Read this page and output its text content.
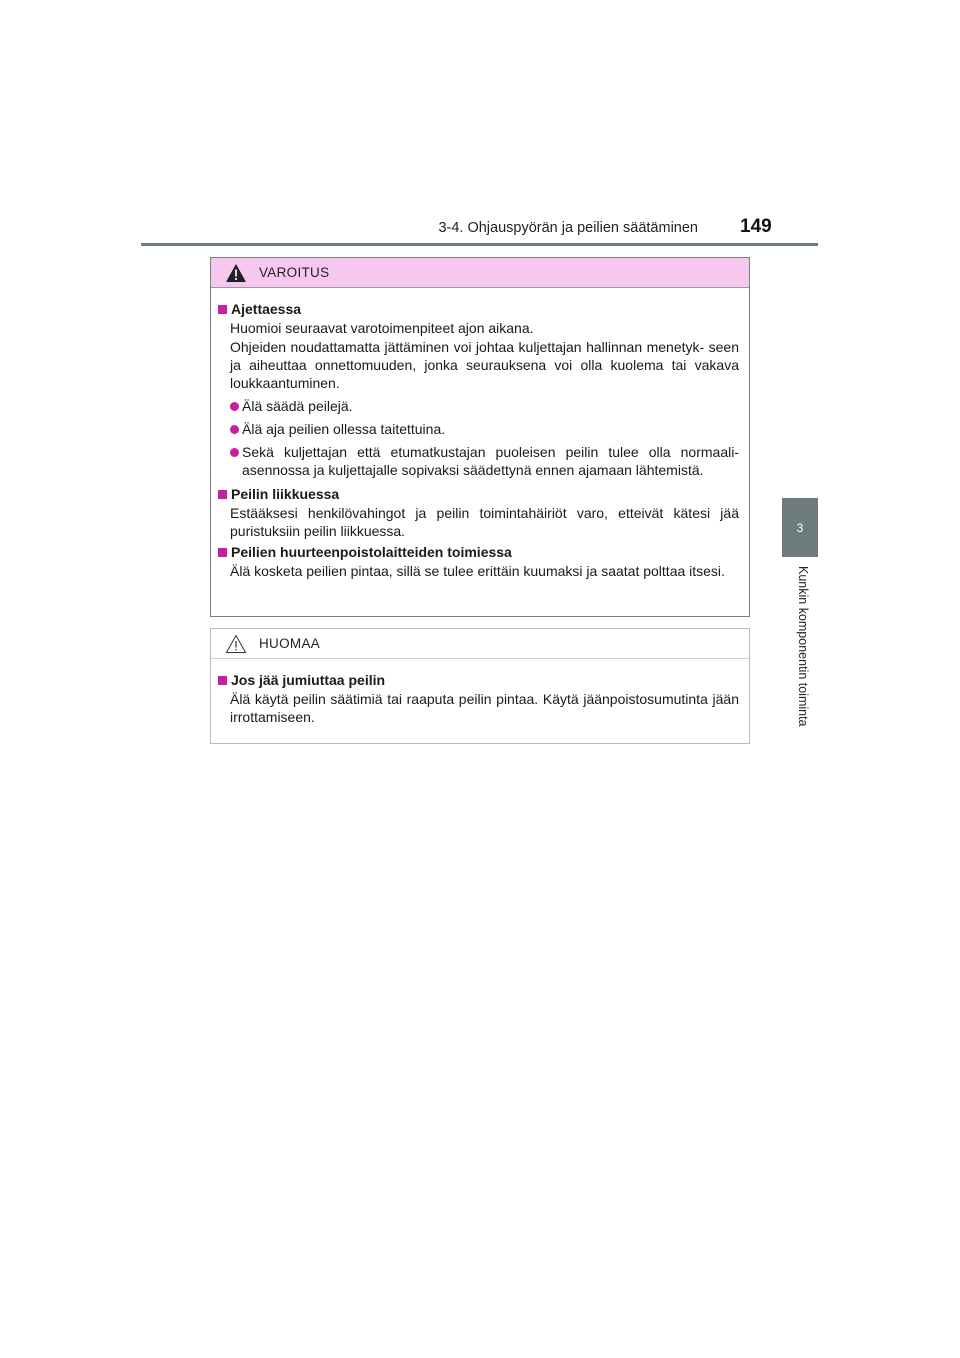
3-4. Ohjauspyörän ja peilien säätäminen 149
3
Kunkin komponentin toiminta
VAROITUS
Ajettaessa
Huomioi seuraavat varotoimenpiteet ajon aikana.
Ohjeiden noudattamatta jättäminen voi johtaa kuljettajan hallinnan menetyk- seen ja aiheuttaa onnettomuuden, jonka seurauksena voi olla kuolema tai vakava loukkaantuminen.
Älä säädä peilejä.
Älä aja peilien ollessa taitettuina.
Sekä kuljettajan että etumatkustajan puoleisen peilin tulee olla normaali- asennossa ja kuljettajalle sopivaksi säädettynä ennen ajamaan lähtemistä.
Peilin liikkuessa
Estääksesi henkilövahingot ja peilin toimintahäiriöt varo, etteivät kätesi jää puristuksiin peilin liikkuessa.
Peilien huurteenpoistolaitteiden toimiessa
Älä kosketa peilien pintaa, sillä se tulee erittäin kuumaksi ja saatat polttaa itsesi.
HUOMAA
Jos jää jumiuttaa peilin
Älä käytä peilin säätimiä tai raaputa peilin pintaa. Käytä jäänpoistosumutinta jään irrottamiseen.
